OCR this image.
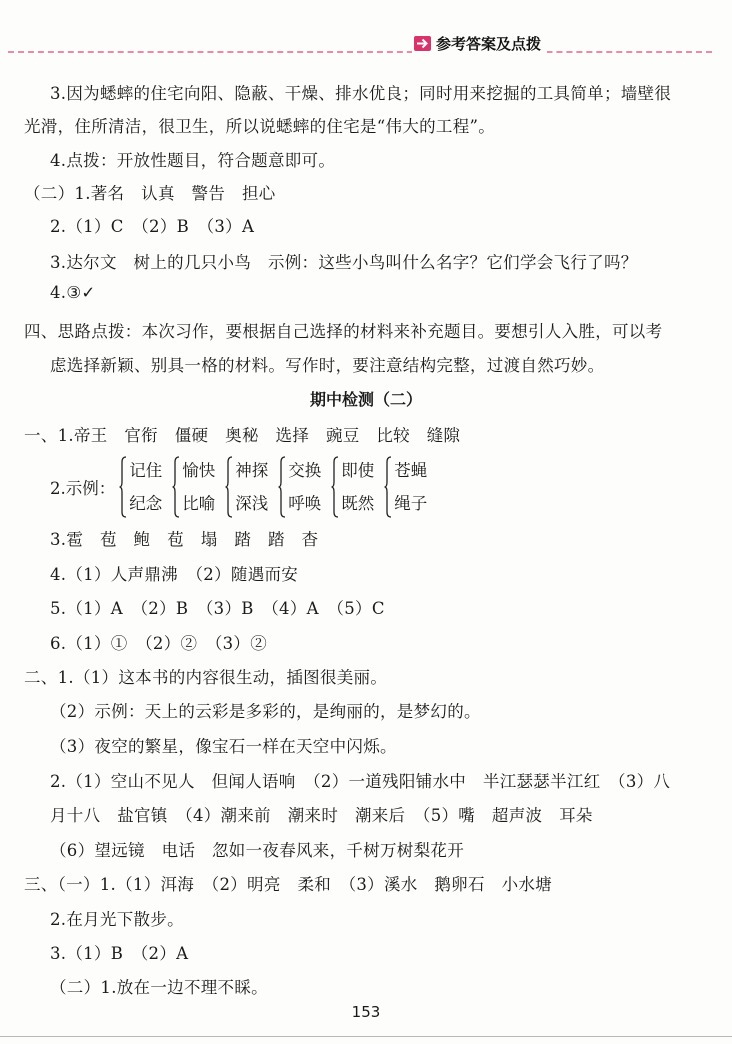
参考答案及点拨
3.因为蟋蟀的住宅向阳、隐蔽、干燥、排水优良；同时用来挖掘的工具简单；墙壁很
光滑，住所清洁，很卫生，所以说蟋蟀的住宅是“伟大的工程”。
4.点拨：开放性题目，符合题意即可。
（二）1.著名　认真　警告　担心
2.（1）C　（2）B　（3）A
3.达尔文　树上的几只小鸟　示例：这些小鸟叫什么名字？它们学会飞行了吗？
4.③✓
四、思路点拨：本次习作，要根据自己选择的材料来补充题目。要想引人入胜，可以考
虑选择新颖、别具一格的材料。写作时，要注意结构完整，过渡自然巧妙。
期中检测（二）
一、1.帝王　官衔　僵硬　奥秘　选择　豌豆　比较　缝隙
2.示例：
记住
纪念
愉快
比喻
神探
深浅
交换
呼唤
即使
既然
苍蝇
绳子
3.雹　苞　鲍　苞　塌　踏　踏　杳
4.（1）人声鼎沸　（2）随遇而安
5.（1）A　（2）B　（3）B　（4）A　（5）C
6.（1）①　（2）②　（3）②
二、1.（1）这本书的内容很生动，插图很美丽。
（2）示例：天上的云彩是多彩的，是绚丽的，是梦幻的。
（3）夜空的繁星，像宝石一样在天空中闪烁。
2.（1）空山不见人　但闻人语响　（2）一道残阳铺水中　半江瑟瑟半江红　（3）八
月十八　盐官镇　（4）潮来前　潮来时　潮来后　（5）嘴　超声波　耳朵
（6）望远镜　电话　忽如一夜春风来，千树万树梨花开
三、（一）1.（1）洱海　（2）明亮　柔和　（3）溪水　鹅卵石　小水塘
2.在月光下散步。
3.（1）B　（2）A
（二）1.放在一边不理不睬。
153
